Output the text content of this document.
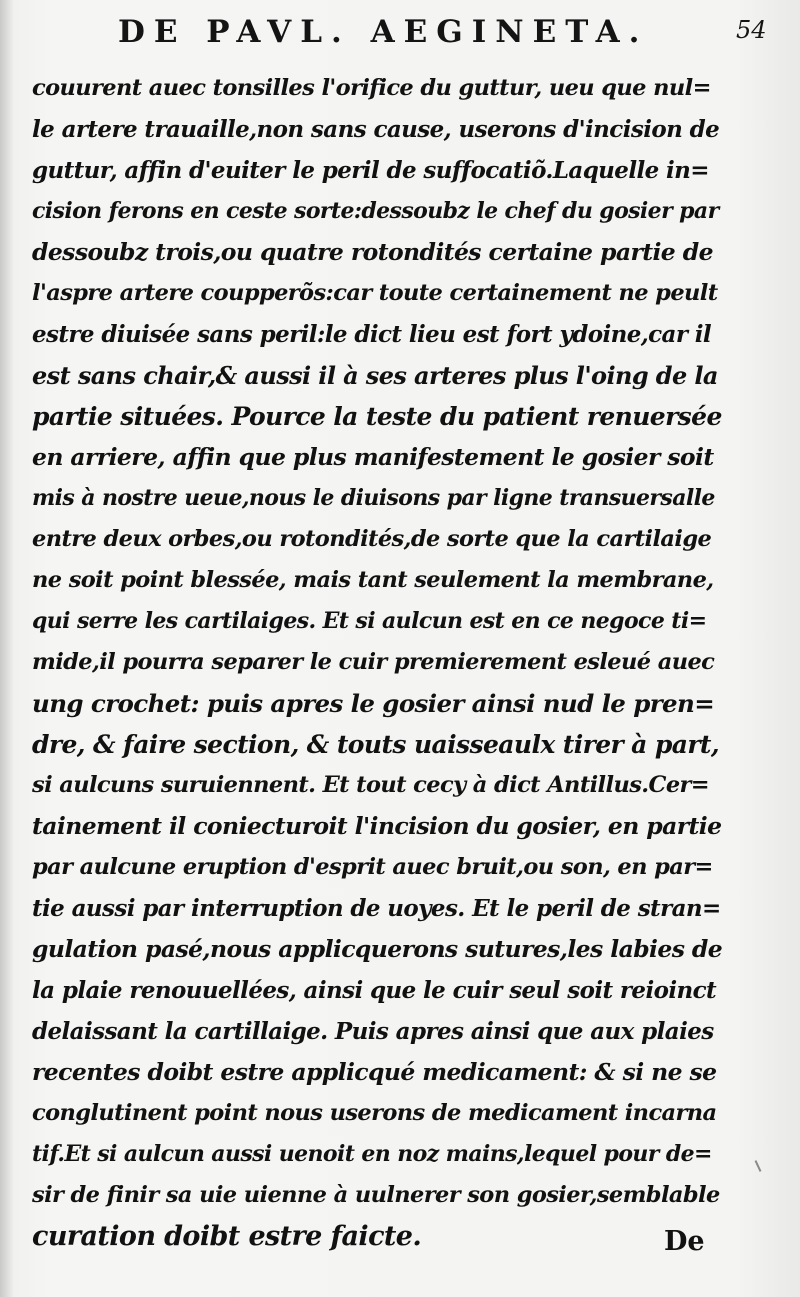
DE PAVL. AEGINETA.	54
couurent auec tonsilles l'orifice du guttur, ueu que nul=
le artere trauaille,non sans cause, userons d'incision de
guttur, affin d'euiter le peril de suffocatiõ.Laquelle in=
cision ferons en ceste sorte:dessoubz le chef du gosier par
dessoubz trois,ou quatre rotondités certaine partie de
l'aspre artere coupperõs:car toute certainement ne peult
estre diuisée sans peril:le dict lieu est fort ydoine,car il
est sans chair,& aussi il à ses arteres plus l'oing de la
partie situées. Pource la teste du patient renuersée
en arriere, affin que plus manifestement le gosier soit
mis à nostre ueue,nous le diuisons par ligne transuersalle
entre deux orbes,ou rotondités,de sorte que la cartilaige
ne soit point blessée, mais tant seulement la membrane,
qui serre les cartilaiges. Et si aulcun est en ce negoce ti=
mide,il pourra separer le cuir premierement esleué auec
ung crochet: puis apres le gosier ainsi nud le pren=
dre, & faire section, & touts uaisseaulx tirer à part,
si aulcuns suruiennent. Et tout cecy à dict Antillus.Cer=
tainement il coniecturoit l'incision du gosier, en partie
par aulcune eruption d'esprit auec bruit,ou son, en par=
tie aussi par interruption de uoyes. Et le peril de stran=
gulation pasé,nous applicquerons sutures,les labies de
la plaie renouuellées, ainsi que le cuir seul soit reioinct
delaissant la cartillaige. Puis apres ainsi que aux plaies
recentes doibt estre applicqué medicament: & si ne se
conglutinent point nous userons de medicament incarna
tif.Et si aulcun aussi uenoit en noz mains,lequel pour de=
sir de finir sa uie uienne à uulnerer son gosier,semblable
curation doibt estre faicte.	De
